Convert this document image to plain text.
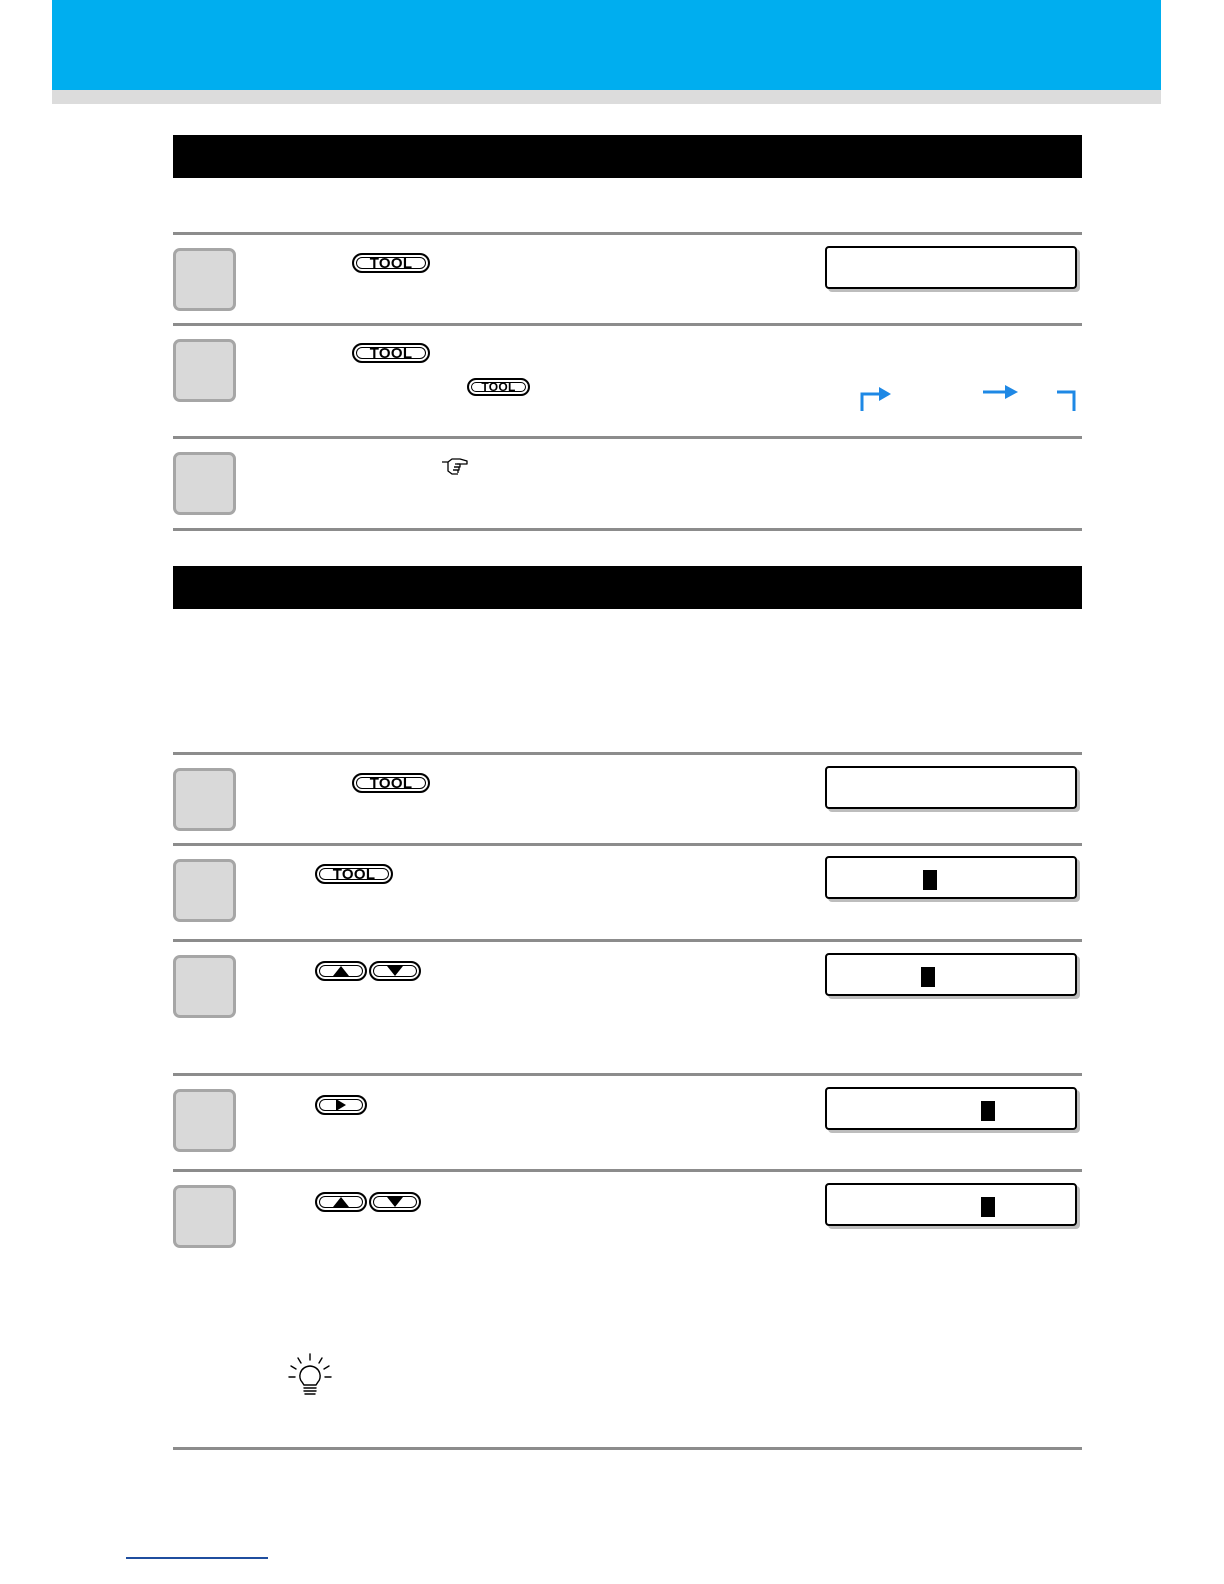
TOOL
TOOL
TOOL
TOOL
TOOL
